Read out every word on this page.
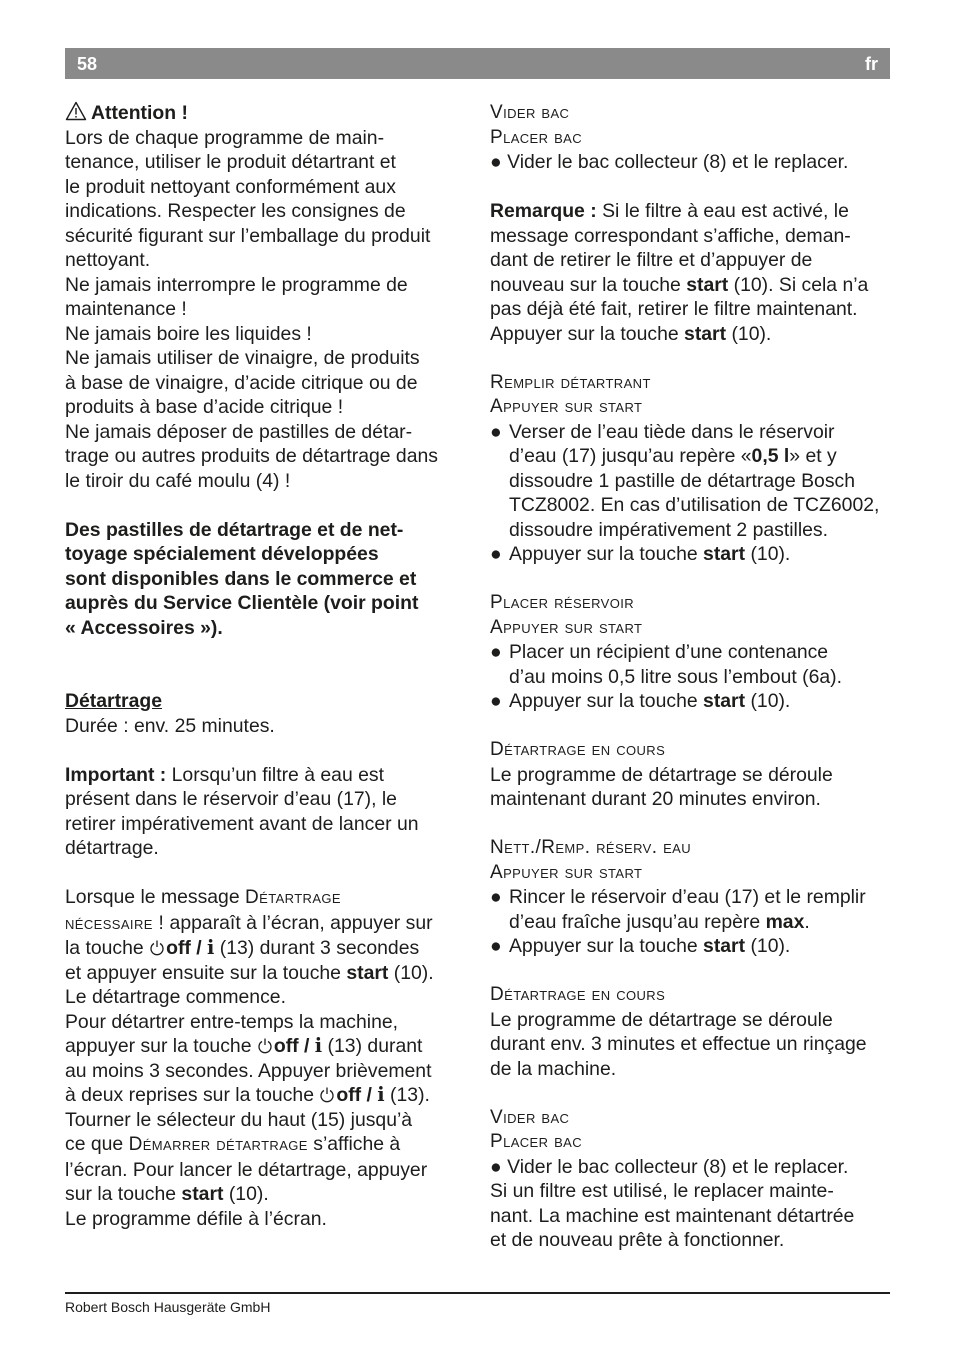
58	fr

Attention !

Lors de chaque programme de main-

tenance, utiliser le produit détartrant et

le produit nettoyant conformément aux

indications. Respecter les consignes de

sécurité figurant sur l’emballage du produit

nettoyant.

Ne jamais interrompre le programme de

maintenance !

Ne jamais boire les liquides !

Ne jamais utiliser de vinaigre, de produits

à base de vinaigre, d’acide citrique ou de

produits à base d’acide citrique !

Ne jamais déposer de pastilles de détar-

trage ou autres produits de détartrage dans

le tiroir du café moulu (4) !

Des pastilles de détartrage et de net-

toyage spécialement développées

sont disponibles dans le commerce et

auprès du Service Clientèle (voir point

« Accessoires »).

Détartrage

Durée : env. 25 minutes.

Important : Lorsqu’un filtre à eau est

présent dans le réservoir d’eau (17), le

retirer impérativement avant de lancer un

détartrage.

Lorsque le message Détartrage

nécessaire ! apparaît à l’écran, appuyer sur

la touche off / i (13) durant 3 secondes

et appuyer ensuite sur la touche start (10).

Le détartrage commence.

Pour détartrer entre-temps la machine,

appuyer sur la touche off / i (13) durant

au moins 3 secondes. Appuyer brièvement

à deux reprises sur la touche off / i (13).

Tourner le sélecteur du haut (15) jusqu’à

ce que Démarrer détartrage s’affiche à

l’écran. Pour lancer le détartrage, appuyer

sur la touche start (10).

Le programme défile à l’écran.

Vider bac

Placer bac

● Vider le bac collecteur (8) et le replacer.

Remarque : Si le filtre à eau est activé, le

message correspondant s’affiche, deman-

dant de retirer le filtre et d’appuyer de

nouveau sur la touche start (10). Si cela n’a

pas déjà été fait, retirer le filtre maintenant.

Appuyer sur la touche start (10).

Remplir détartrant

Appuyer sur start

● Verser de l’eau tiède dans le réservoir

d’eau (17) jusqu’au repère «0,5 l» et y

dissoudre 1 pastille de détartrage Bosch

TCZ8002. En cas d’utilisation de TCZ6002,

dissoudre impérativement 2 pastilles.

● Appuyer sur la touche start (10).

Placer réservoir

Appuyer sur start

● Placer un récipient d’une contenance

d’au moins 0,5 litre sous l’embout (6a).

● Appuyer sur la touche start (10).

Détartrage en cours

Le programme de détartrage se déroule

maintenant durant 20 minutes environ.

Nett./Remp. réserv. eau

Appuyer sur start

● Rincer le réservoir d’eau (17) et le remplir

d’eau fraîche jusqu’au repère max.

● Appuyer sur la touche start (10).

Détartrage en cours

Le programme de détartrage se déroule

durant env. 3 minutes et effectue un rinçage

de la machine.

Vider bac

Placer bac

● Vider le bac collecteur (8) et le replacer.

Si un filtre est utilisé, le replacer mainte-

nant. La machine est maintenant détartrée

et de nouveau prête à fonctionner.

Robert Bosch Hausgeräte GmbH
